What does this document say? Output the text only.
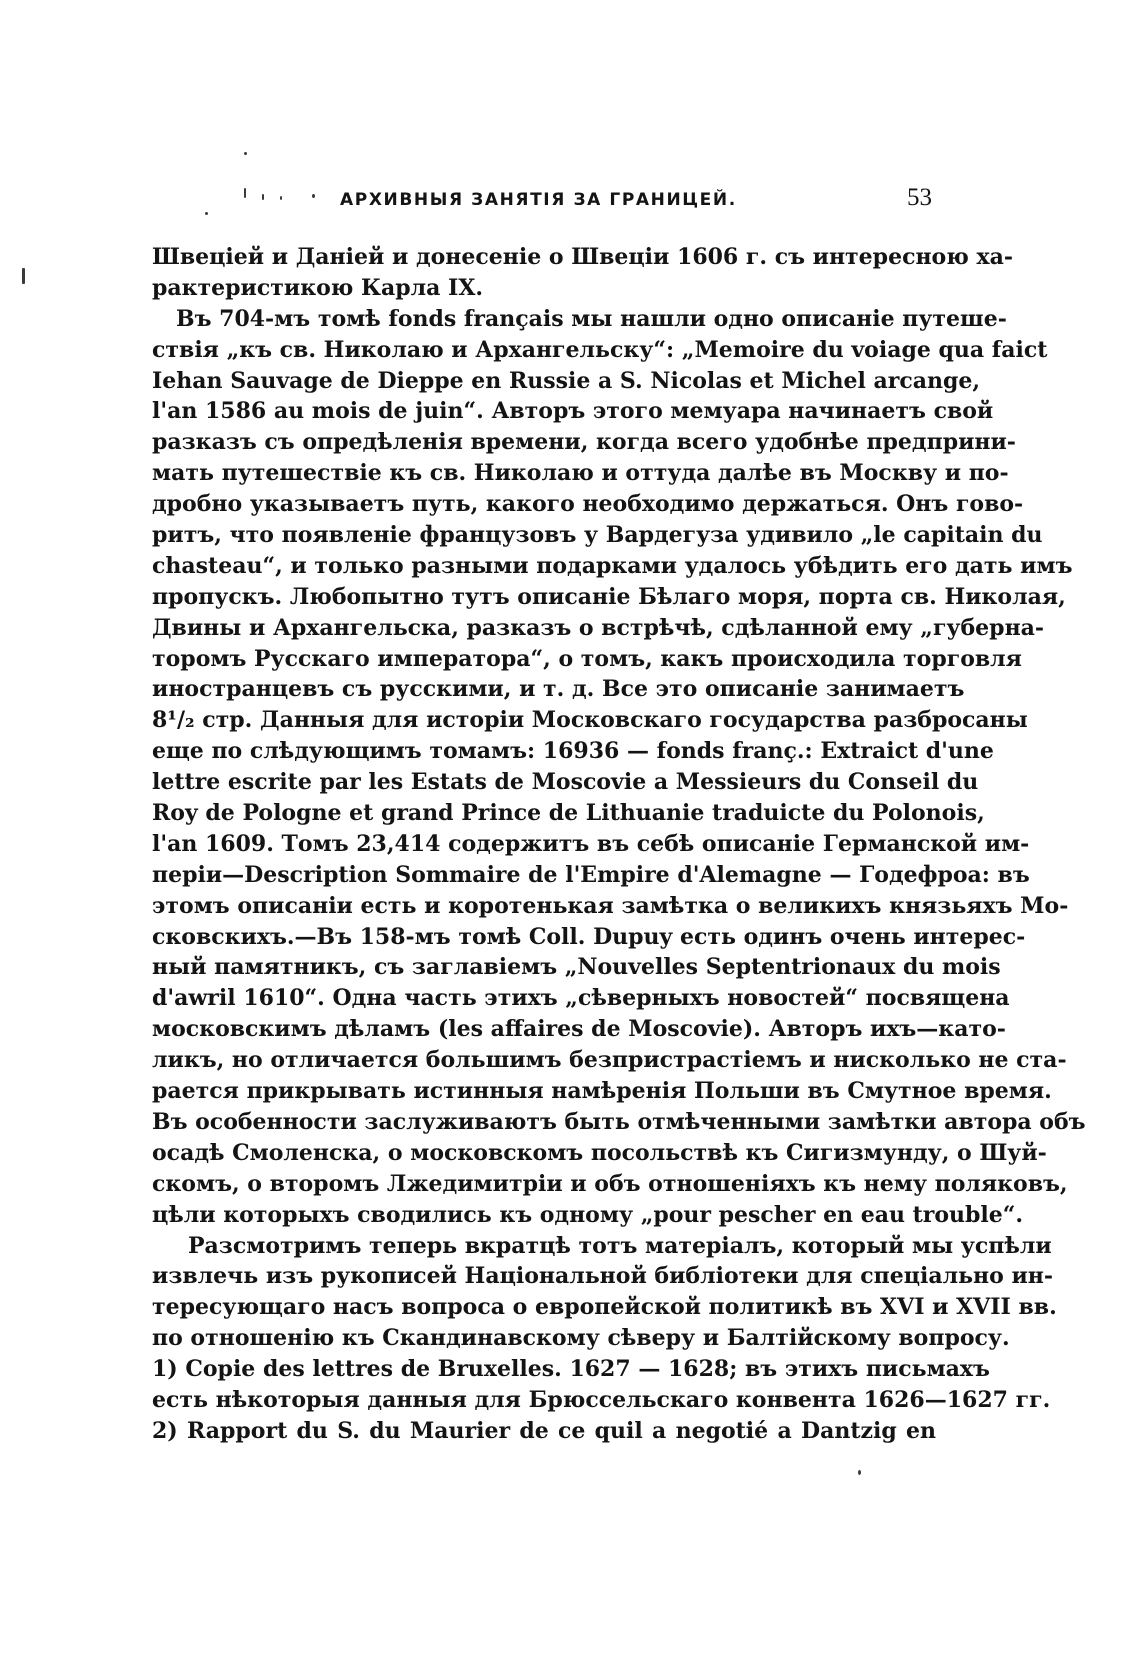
АРХИВНЫЯ ЗАНЯТIЯ ЗА ГРАНИЦЕЙ.	53
Швеціей и Даніей и донесеніе о Швеціи 1606 г. съ интересною ха-
рактеристикою Карла IX.
Въ 704-мъ томѣ fonds français мы нашли одно описаніе путеше-
ствія „къ св. Николаю и Архангельску“: „Memoire du voiage qua faict
Iehan Sauvage de Dieppe en Russie a S. Nicolas et Michel arcange,
l'an 1586 au mois de juin“. Авторъ этого мемуара начинаетъ свой
разказъ съ опредѣленія времени, когда всего удобнѣе предприни-
мать путешествіе къ св. Николаю и оттуда далѣе въ Москву и по-
дробно указываетъ путь, какого необходимо держаться. Онъ гово-
ритъ, что появленіе французовъ у Вардегуза удивило „le capitain du
chasteau“, и только разными подарками удалось убѣдить его дать имъ
пропускъ. Любопытно тутъ описаніе Бѣлаго моря, порта св. Николая,
Двины и Архангельска, разказъ о встрѣчѣ, сдѣланной ему „губерна-
торомъ Русскаго императора“, о томъ, какъ происходила торговля
иностранцевъ съ русскими, и т. д. Все это описаніе занимаетъ
8¹/₂ стр. Данныя для исторіи Московскаго государства разбросаны
еще по слѣдующимъ томамъ: 16936 — fonds franç.: Extraict d'une
lettre escrite par les Estats de Moscovie a Messieurs du Conseil du
Roy de Pologne et grand Prince de Lithuanie traduicte du Polonois,
l'an 1609. Томъ 23,414 содержитъ въ себѣ описаніе Германской им-
періи—Description Sommaire de l'Empire d'Alemagne — Годефроа: въ
этомъ описаніи есть и коротенькая замѣтка о великихъ князьяхъ Мо-
сковскихъ.—Въ 158-мъ томѣ Coll. Dupuy есть одинъ очень интерес-
ный памятникъ, съ заглавіемъ „Nouvelles Septentrionaux du mois
d'awril 1610“. Одна часть этихъ „сѣверныхъ новостей“ посвящена
московскимъ дѣламъ (les affaires de Moscovie). Авторъ ихъ—като-
ликъ, но отличается большимъ безпристрастіемъ и нисколько не ста-
рается прикрывать истинныя намѣренія Польши въ Смутное время.
Въ особенности заслуживаютъ быть отмѣченными замѣтки автора объ
осадѣ Смоленска, о московскомъ посольствѣ къ Сигизмунду, о Шуй-
скомъ, о второмъ Лжедимитріи и объ отношеніяхъ къ нему поляковъ,
цѣли которыхъ сводились къ одному „pour pescher en eau trouble“.
Разсмотримъ теперь вкратцѣ тотъ матеріалъ, который мы успѣли
извлечь изъ рукописей Національной библіотеки для спеціально ин-
тересующаго насъ вопроса о европейской политикѣ въ XVI и XVII вв.
по отношенію къ Скандинавскому сѣверу и Балтійскому вопросу.
1) Copie des lettres de Bruxelles. 1627 — 1628; въ этихъ письмахъ
есть нѣкоторыя данныя для Брюссельскаго конвента 1626—1627 гг.
2) Rapport du S. du Maurier de ce quil a negotié a Dantzig en
